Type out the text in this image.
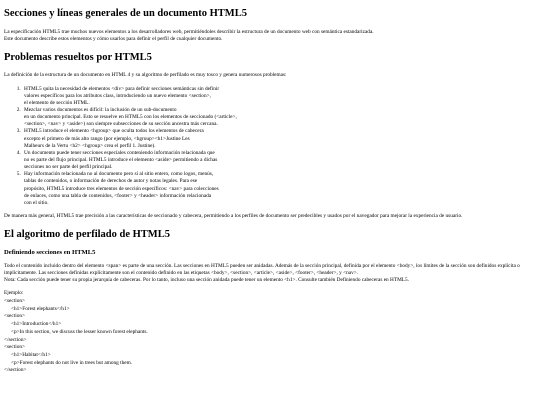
Secciones y líneas generales de un documento HTML5

La especificación HTML5 trae muchos nuevos elementos a los desarrolladores web, permitiéndoles describir la estructura de un documento web con semántica estandarizada.
Este documento describe estos elementos y cómo usarlos para definir el perfil de cualquier documento.

Problemas resueltos por HTML5

La definición de la estructura de un documento en HTML 4 y su algoritmo de perfilado es muy tosco y genera numerosos problemas:

1. HTML5 quita la necesidad de elementos <div> para definir secciones semánticas sin definir
valores específicos para los atributos class, introduciendo un nuevo elemento <section>,
el elemento de sección HTML.
2. Mezclar varios documentos es difícil: la inclusión de un sub-documento
en un documento principal. Esto se resuelve en HTML5 con los elementos de seccionado (<article>,
<section>, <nav> y <aside>) son siempre subsecciones de su sección ancestra más cercana.
3. HTML5 introduce el elemento <hgroup> que oculta todos los elementos de cabecera
excepto el primero de más alto rango (por ejemplo, <hgroup><h1>Justine Les
Malheurs de la Vertu <h2> <hgroup> crea el perfil 1. Justine).
4. Un documento puede tener secciones especiales conteniendo información relacionada que
no es parte del flujo principal. HTML5 introduce el elemento <aside> permitiendo a dichas
secciones no ser parte del perfil principal.
5. Hay información relacionada no al documento pero sí al sitio entero, como logos, menús,
tablas de contenidos, o información de derechos de autor y notas legales. Para ese
propósito, HTML5 introduce tres elementos de sección específicos: <nav> para colecciones
de enlaces, como una tabla de contenidos, <footer> y <header> información relacionada
con el sitio.

De manera más general, HTML5 trae precisión a las características de seccionado y cabecera, permitiendo a los perfiles de documento ser predecibles y usados por el navegador para mejorar la experiencia de usuario.

El algoritmo de perfilado de HTML5
Definiendo secciones en HTML5

Todo el contenido incluido dentro del elemento <span> es parte de una sección. Las secciones en HTML5 pueden ser anidadas. Además de la sección principal, definida por el elemento <body>, los límites de la sección son definidos explícita o implícitamente. Las secciones definidas explícitamente son el contenido definido en las etiquetas <body>, <section>, <article>, <aside>, <footer>, <header>, y <nav>.
Nota: Cada sección puede tener su propia jerarquía de cabeceras. Por lo tanto, incluso una sección anidada puede tener un elemento <h1>. Consulte también Definiendo cabeceras en HTML5.

Ejemplo:
<section>
<h1>Forest elephants</h1>
<section>
<h1>Introduction</h1>
<p>In this section, we discuss the lesser known forest elephants.
</section>
<section>
<h1>Habitat</h1>
<p>Forest elephants do not live in trees but among them.
</section>
